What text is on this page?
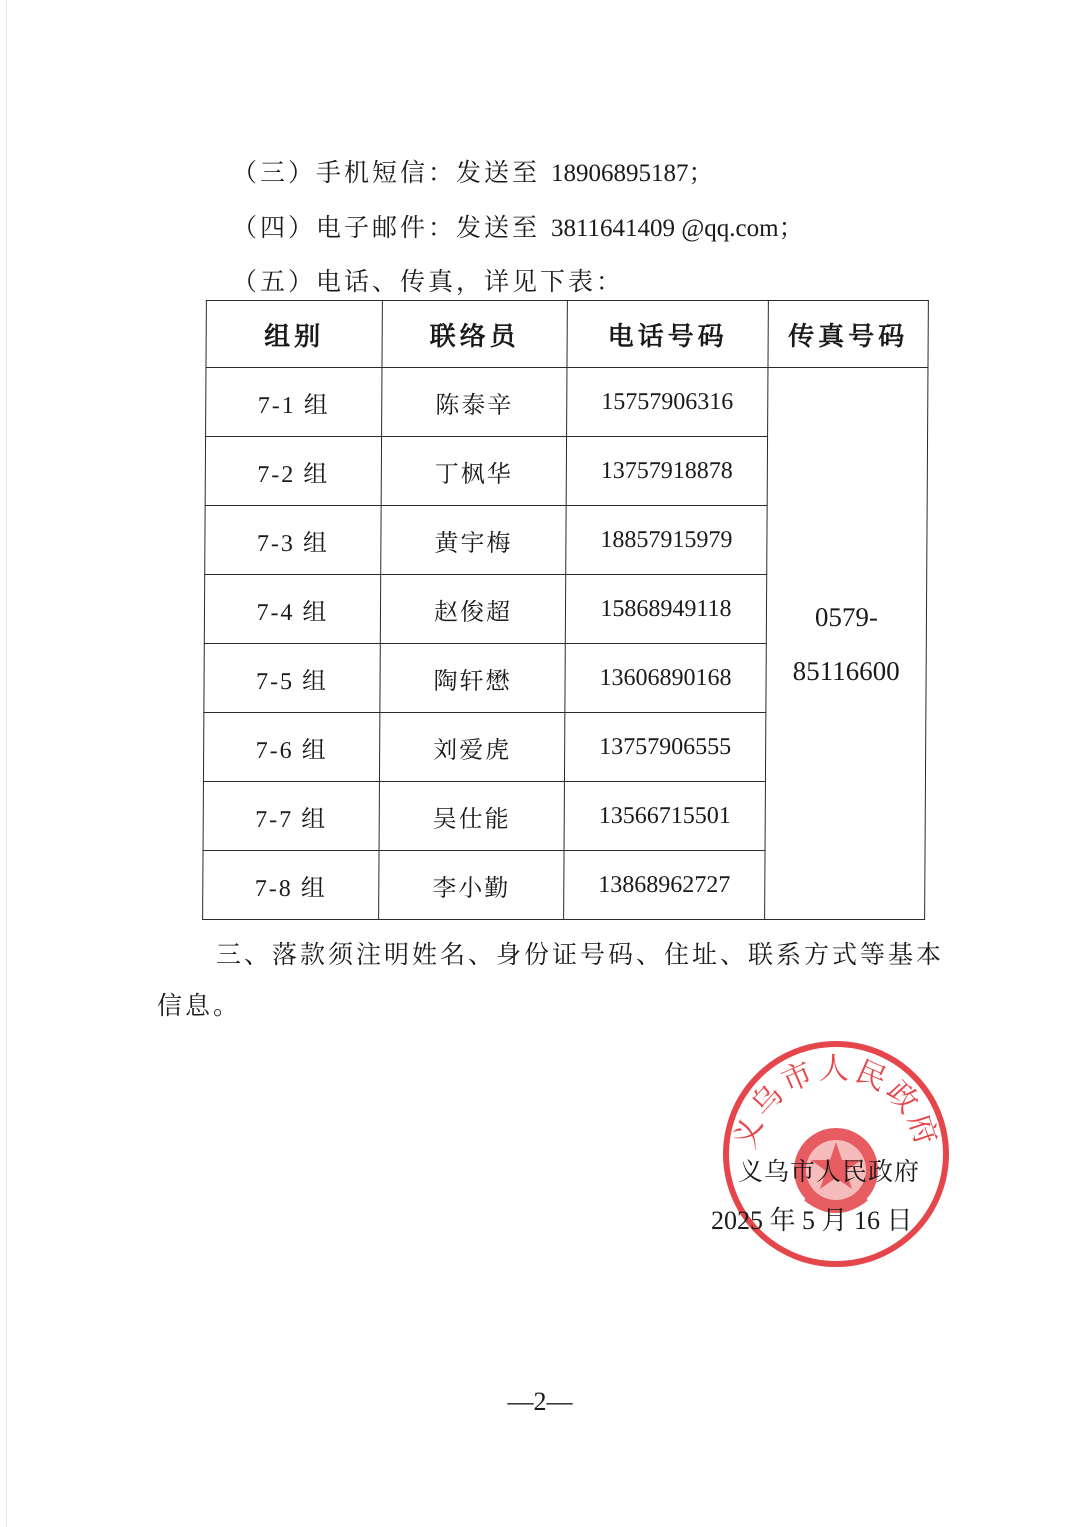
（三）手机短信：发送至 18906895187；
（四）电子邮件：发送至 3811641409 @qq.com；
（五）电话、传真，详见下表：
组别	联络员	电话号码	传真号码
7-1 组	陈泰辛	15757906316	0579-
85116600
7-2 组	丁枫华	13757918878	
7-3 组	黄宇梅	18857915979	
7-4 组	赵俊超	15868949118	
7-5 组	陶轩懋	13606890168	
7-6 组	刘爱虎	13757906555	
7-7 组	吴仕能	13566715501	
7-8 组	李小勤	13868962727	
三、落款须注明姓名、身份证号码、住址、联系方式等基本
信息。
义乌市人民政府
义乌市人民政府
2025 年 5 月 16 日
—2—
